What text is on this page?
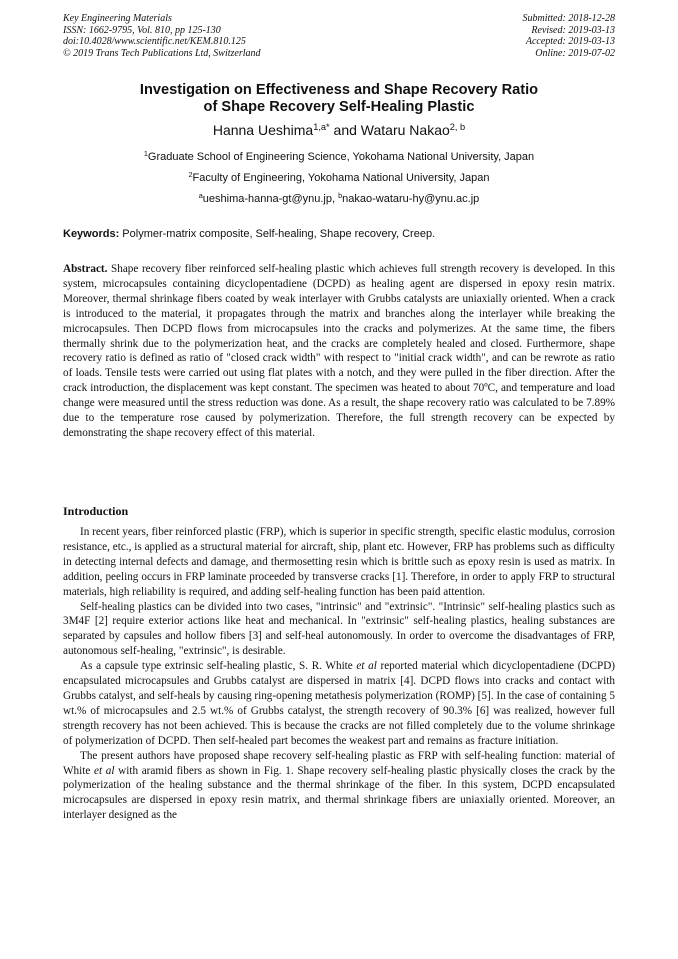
Key Engineering Materials
ISSN: 1662-9795, Vol. 810, pp 125-130
doi:10.4028/www.scientific.net/KEM.810.125
© 2019 Trans Tech Publications Ltd, Switzerland
Submitted: 2018-12-28
Revised: 2019-03-13
Accepted: 2019-03-13
Online: 2019-07-02
Investigation on Effectiveness and Shape Recovery Ratio
of Shape Recovery Self-Healing Plastic
Hanna Ueshima$^{1,a*}$ and Wataru Nakao$^{2, b}$
$^1$Graduate School of Engineering Science, Yokohama National University, Japan
$^2$Faculty of Engineering, Yokohama National University, Japan
$^a$ueshima-hanna-gt@ynu.jp, $^b$nakao-wataru-hy@ynu.ac.jp
Keywords: Polymer-matrix composite, Self-healing, Shape recovery, Creep.
Abstract. Shape recovery fiber reinforced self-healing plastic which achieves full strength recovery is developed. In this system, microcapsules containing dicyclopentadiene (DCPD) as healing agent are dispersed in epoxy resin matrix. Moreover, thermal shrinkage fibers coated by weak interlayer with Grubbs catalysts are uniaxially oriented. When a crack is introduced to the material, it propagates through the matrix and branches along the interlayer while breaking the microcapsules. Then DCPD flows from microcapsules into the cracks and polymerizes. At the same time, the fibers thermally shrink due to the polymerization heat, and the cracks are completely healed and closed. Furthermore, shape recovery ratio is defined as ratio of "closed crack width" with respect to "initial crack width", and can be rewrote as ratio of loads. Tensile tests were carried out using flat plates with a notch, and they were pulled in the fiber direction. After the crack introduction, the displacement was kept constant. The specimen was heated to about 70ºC, and temperature and load change were measured until the stress reduction was done. As a result, the shape recovery ratio was calculated to be 7.89% due to the temperature rose caused by polymerization. Therefore, the full strength recovery can be expected by demonstrating the shape recovery effect of this material.
Introduction

In recent years, fiber reinforced plastic (FRP), which is superior in specific strength, specific elastic modulus, corrosion resistance, etc., is applied as a structural material for aircraft, ship, plant etc. However, FRP has problems such as difficulty in detecting internal defects and damage, and thermosetting resin which is brittle such as epoxy resin is used as matrix. In addition, peeling occurs in FRP laminate proceeded by transverse cracks [1]. Therefore, in order to apply FRP to structural materials, high reliability is required, and adding self-healing function has been paid attention.

Self-healing plastics can be divided into two cases, "intrinsic" and "extrinsic". "Intrinsic" self-healing plastics such as 3M4F [2] require exterior actions like heat and mechanical. In "extrinsic" self-healing plastics, healing substances are separated by capsules and hollow fibers [3] and self-heal autonomously. In order to overcome the disadvantages of FRP, autonomous self-healing, "extrinsic", is desirable.

As a capsule type extrinsic self-healing plastic, S. R. White et al reported material which dicyclopentadiene (DCPD) encapsulated microcapsules and Grubbs catalyst are dispersed in matrix [4]. DCPD flows into cracks and contact with Grubbs catalyst, and self-heals by causing ring-opening metathesis polymerization (ROMP) [5]. In the case of containing 5 wt.% of microcapsules and 2.5 wt.% of Grubbs catalyst, the strength recovery of 90.3% [6] was realized, however full strength recovery has not been achieved. This is because the cracks are not filled completely due to the volume shrinkage of polymerization of DCPD. Then self-healed part becomes the weakest part and remains as fracture initiation.

The present authors have proposed shape recovery self-healing plastic as FRP with self-healing function: material of White et al with aramid fibers as shown in Fig. 1. Shape recovery self-healing plastic physically closes the crack by the polymerization of the healing substance and the thermal shrinkage of the fiber. In this system, DCPD encapsulated microcapsules are dispersed in epoxy resin matrix, and thermal shrinkage fibers are uniaxially oriented. Moreover, an interlayer designed as the
